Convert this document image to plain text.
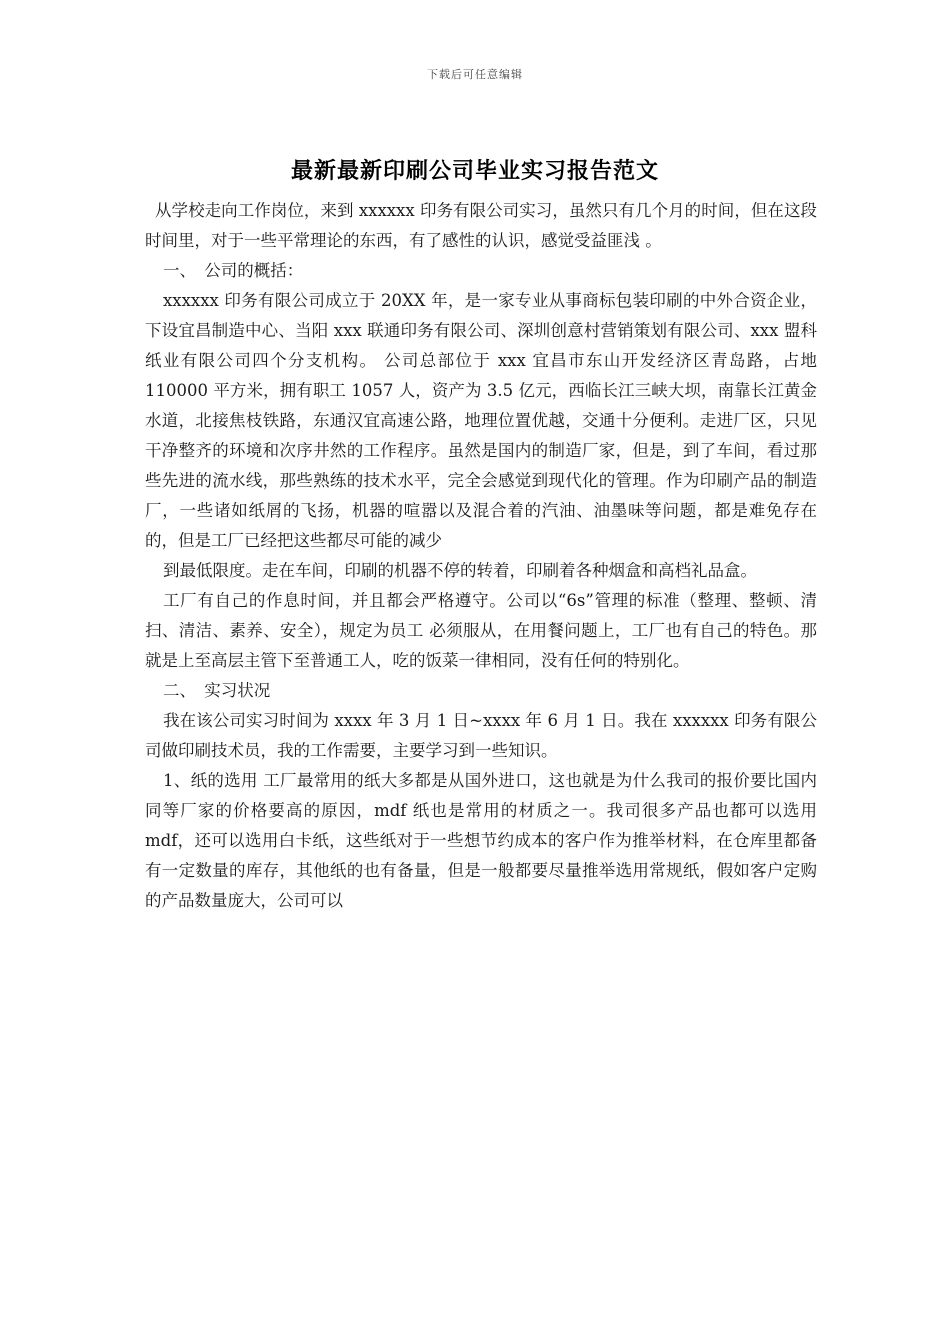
下载后可任意编辑
最新最新印刷公司毕业实习报告范文

从学校走向工作岗位，来到 xxxxxx 印务有限公司实习，虽然只有几个月的时间，但在这段时间里，对于一些平常理论的东西，有了感性的认识，感觉受益匪浅 。

一、　公司的概括：

xxxxxx 印务有限公司成立于 20XX 年，是一家专业从事商标包装印刷的中外合资企业，下设宜昌制造中心、当阳 xxx 联通印务有限公司、深圳创意村营销策划有限公司、xxx 盟科纸业有限公司四个分支机构。 公司总部位于 xxx 宜昌市东山开发经济区青岛路，占地 110000 平方米，拥有职工 1057 人，资产为 3.5 亿元，西临长江三峡大坝，南靠长江黄金水道，北接焦枝铁路，东通汉宜高速公路，地理位置优越，交通十分便利。走进厂区，只见干净整齐的环境和次序井然的工作程序。虽然是国内的制造厂家，但是，到了车间，看过那些先进的流水线，那些熟练的技术水平，完全会感觉到现代化的管理。作为印刷产品的制造厂，一些诸如纸屑的飞扬，机器的喧嚣以及混合着的汽油、油墨味等问题，都是难免存在的，但是工厂已经把这些都尽可能的减少

到最低限度。走在车间，印刷的机器不停的转着，印刷着各种烟盒和高档礼品盒。

工厂有自己的作息时间，并且都会严格遵守。公司以“6s”管理的标准（整理、整顿、清扫、清洁、素养、安全），规定为员工 必须服从，在用餐问题上，工厂也有自己的特色。那就是上至高层主管下至普通工人，吃的饭菜一律相同，没有任何的特别化。

二、　实习状况

我在该公司实习时间为 xxxx 年 3 月 1 日~xxxx 年 6 月 1 日。我在 xxxxxx 印务有限公司做印刷技术员，我的工作需要，主要学习到一些知识。

1、纸的选用 工厂最常用的纸大多都是从国外进口，这也就是为什么我司的报价要比国内同等厂家的价格要高的原因，mdf 纸也是常用的材质之一。我司很多产品也都可以选用 mdf，还可以选用白卡纸，这些纸对于一些想节约成本的客户作为推举材料，在仓库里都备有一定数量的库存，其他纸的也有备量，但是一般都要尽量推举选用常规纸，假如客户定购的产品数量庞大，公司可以
